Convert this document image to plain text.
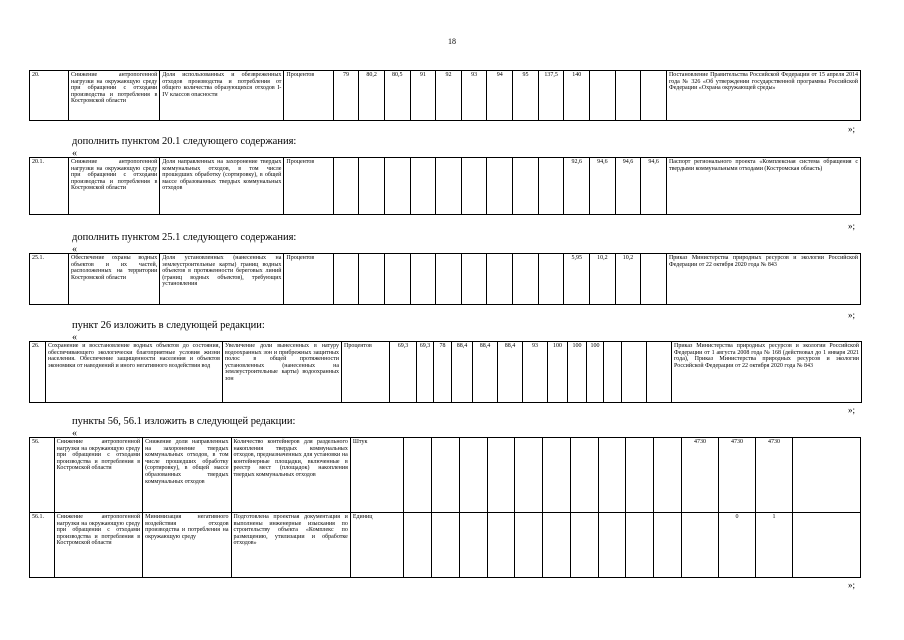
18
20.	Снижение антропогенной нагрузки на окружающую среду при обращении с отходами производства и потребления в Костромской области	Доля использованных и обезвреженных отходов производства и потребления от общего количества образующихся отходов I-IV классов опасности	Процентов	79	80,2	80,5	91	92	93	94	95	137,5	140				Постановление Правительства Российской Федерации от 15 апреля 2014 года № 326 «Об утверждении государственной программы Российской Федерации «Охрана окружающей среды»
»;
дополнить пунктом 20.1 следующего содержания:
«
20.1.	Снижение антропогенной нагрузки на окружающую среду при обращении с отходами производства и потребления в Костромской области	Доля направленных на захоронение твердых коммунальных отходов, в том числе прошедших обработку (сортировку), в общей массе образованных твердых коммунальных отходов	Процентов										92,6	94,6	94,6	94,6	Паспорт регионального проекта «Комплексная система обращения с твердыми коммунальными отходами (Костромская область)
»;
дополнить пунктом 25.1 следующего содержания:
«
25.1.	Обеспечение охраны водных объектов и их частей, расположенных на территории Костромской области	Доля установленных (нанесенных на землеустроительные карты) границ водных объектов в протяженности береговых линий (границ водных объектов), требующих установления	Процентов										5,95	10,2	10,2		Приказ Министерства природных ресурсов и экологии Российской Федерации от 22 октября 2020 года № 843
»;
пункт 26 изложить в следующей редакции:
«
26.	Сохранение и восстановление водных объектов до состояния, обеспечивающего экологически благоприятные условия жизни населения. Обеспечение защищенности населения и объектов экономики от наводнений и иного негативного воздействия вод	Увеличение доли вынесенных в натуру водоохранных зон и прибрежных защитных полос в общей протяженности установленных (нанесенных на землеустроительные карты) водоохранных зон	Процентов	69,3	69,3	78	88,4	88,4	88,4	93	100	100	100				Приказ Министерства природных ресурсов и экологии Российской Федерации от 1 августа 2008 года № 168 (действовал до 1 января 2021 года), Приказ Министерства природных ресурсов и экологии Российской Федерации от 22 октября 2020 года № 843
»;
пункты 56, 56.1 изложить в следующей редакции:
«
56.	Снижение антропогенной нагрузки на окружающую среду при обращении с отходами производства и потребления в Костромской области	Снижение доли направленных на захоронение твердых коммунальных отходов, в том числе прошедших обработку (сортировку), в общей массе образованных твердых коммунальных отходов	Количество контейнеров для раздельного накопления твердых коммунальных отходов, предназначенных для установки на контейнерные площадки, включенные в реестр мест (площадок) накопления твердых коммунальных отходов	Штук											4730	4730	4730	
56.1.	Снижение антропогенной нагрузки на окружающую среду при обращении с отходами производства и потребления в Костромской области	Минимизация негативного воздействия отходов производства и потребления на окружающую среду	Подготовлена проектная документация и выполнены инженерные изыскания по строительству объекта «Комплекс по размещению, утилизации и обработке отходов»	Единиц												0	1	
»;
